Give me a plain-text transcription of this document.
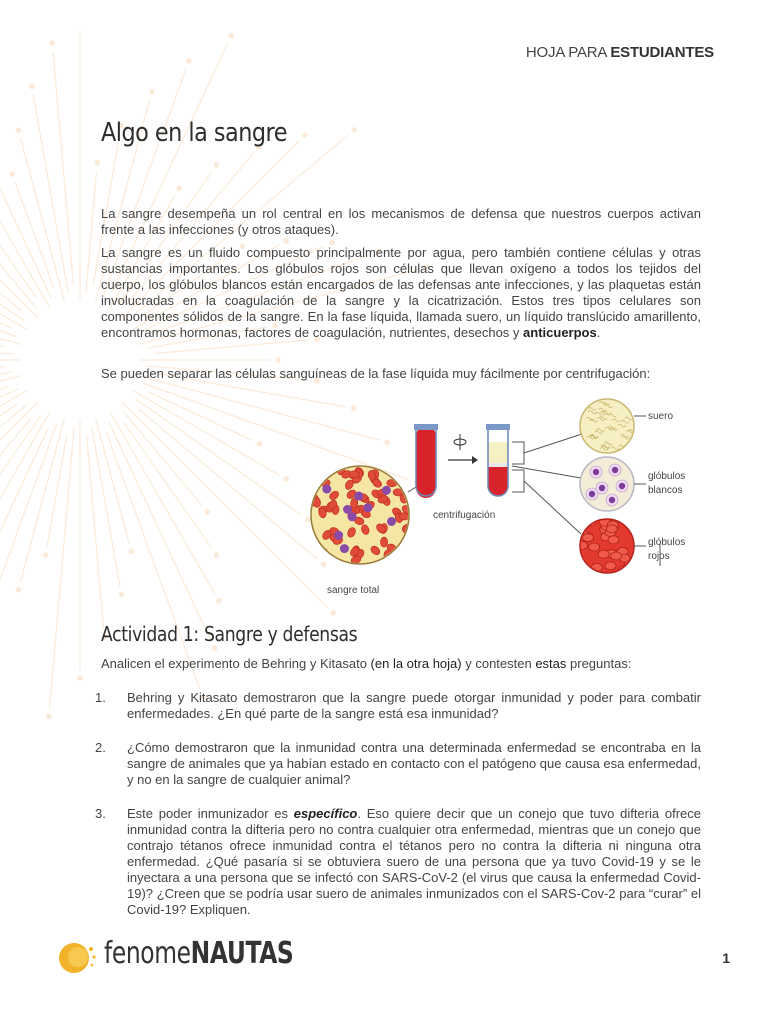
HOJA PARA ESTUDIANTES
Algo en la sangre

La sangre desempeña un rol central en los mecanismos de defensa que nuestros cuerpos activan frente a las infecciones (y otros ataques).

La sangre es un fluido compuesto principalmente por agua, pero también contiene células y otras sustancias importantes. Los glóbulos rojos son células que llevan oxígeno a todos los tejidos del cuerpo, los glóbulos blancos están encargados de las defensas ante infecciones, y las plaquetas están involucradas en la coagulación de la sangre y la cicatrización. Estos tres tipos celulares son componentes sólidos de la sangre. En la fase líquida, llamada suero, un líquido translúcido amarillento, encontramos hormonas, factores de coagulación, nutrientes, desechos y anticuerpos.

Se pueden separar las células sanguíneas de la fase líquida muy fácilmente por centrifugación:

centrifugación
suero
glóbulos
blancos
glóbulos
rojos
sangre total
Actividad 1: Sangre y defensas

Analicen el experimento de Behring y Kitasato (en la otra hoja) y contesten estas preguntas:

1. Behring y Kitasato demostraron que la sangre puede otorgar inmunidad y poder para combatir enfermedades. ¿En qué parte de la sangre está esa inmunidad?

2. ¿Cómo demostraron que la inmunidad contra una determinada enfermedad se encontraba en la sangre de animales que ya habían estado en contacto con el patógeno que causa esa enfermedad, y no en la sangre de cualquier animal?

3. Este poder inmunizador es específico. Eso quiere decir que un conejo que tuvo difteria ofrece inmunidad contra la difteria pero no contra cualquier otra enfermedad, mientras que un conejo que contrajo tétanos ofrece inmunidad contra el tétanos pero no contra la difteria ni ninguna otra enfermedad. ¿Qué pasaría si se obtuviera suero de una persona que ya tuvo Covid-19 y se le inyectara a una persona que se infectó con SARS-CoV-2 (el virus que causa la enfermedad Covid-19)? ¿Creen que se podría usar suero de animales inmunizados con el SARS-Cov-2 para “curar” el Covid-19? Expliquen.

fenomeNAUTAS	1
